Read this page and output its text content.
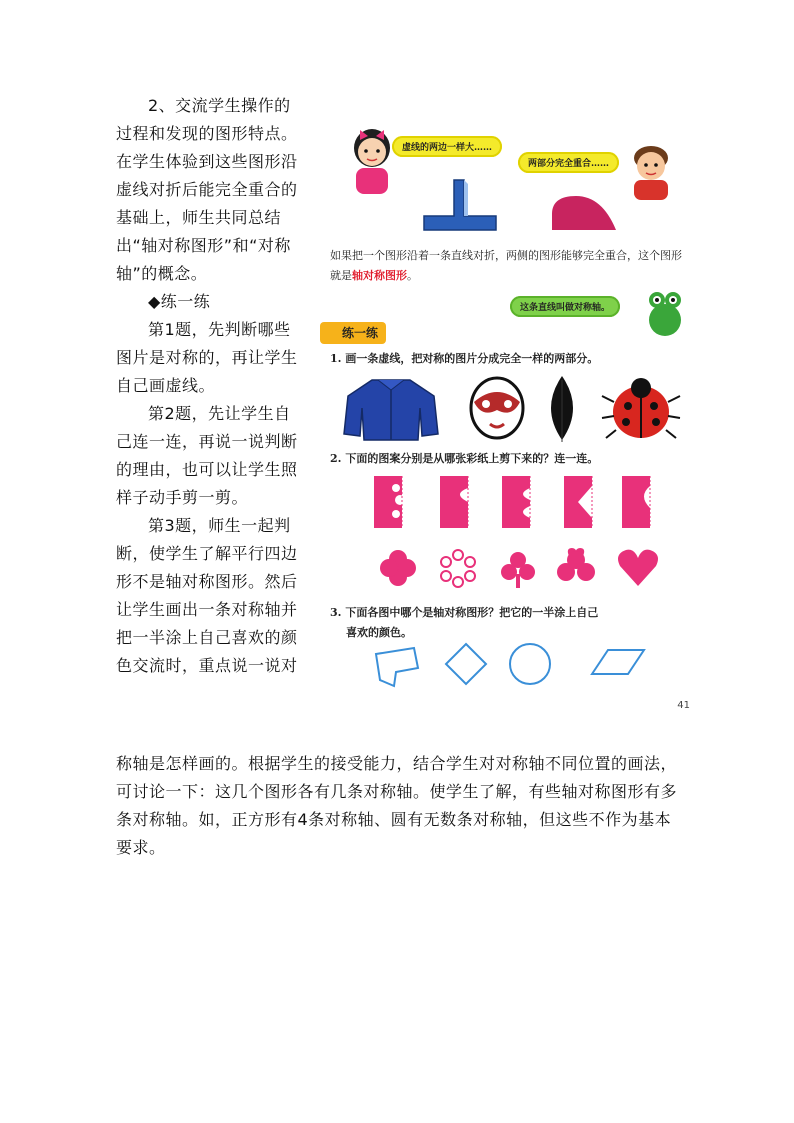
2、交流学生操作的过程和发现的图形特点。在学生体验到这些图形沿虚线对折后能完全重合的基础上，师生共同总结出“轴对称图形”和“对称轴”的概念。

◆练一练

第1题，先判断哪些图片是对称的，再让学生自己画虚线。

第2题，先让学生自己连一连，再说一说判断的理由，也可以让学生照样子动手剪一剪。

第3题，师生一起判断，使学生了解平行四边形不是轴对称图形。然后让学生画出一条对称轴并把一半涂上自己喜欢的颜色交流时，重点说一说对

称轴是怎样画的。根据学生的接受能力，结合学生对对称轴不同位置的画法，可讨论一下：这几个图形各有几条对称轴。使学生了解，有些轴对称图形有多条对称轴。如，正方形有4条对称轴、圆有无数条对称轴，但这些不作为基本要求。

虚线的两边一样大……
两部分完全重合……
如果把一个图形沿着一条直线对折，两侧的图形能够完全重合，这个图形就是轴对称图形。
这条直线叫做对称轴。
练一练
1. 画一条虚线，把对称的图片分成完全一样的两部分。
2. 下面的图案分别是从哪张彩纸上剪下来的？连一连。
3. 下面各图中哪个是轴对称图形？把它的一半涂上自己
喜欢的颜色。
41
